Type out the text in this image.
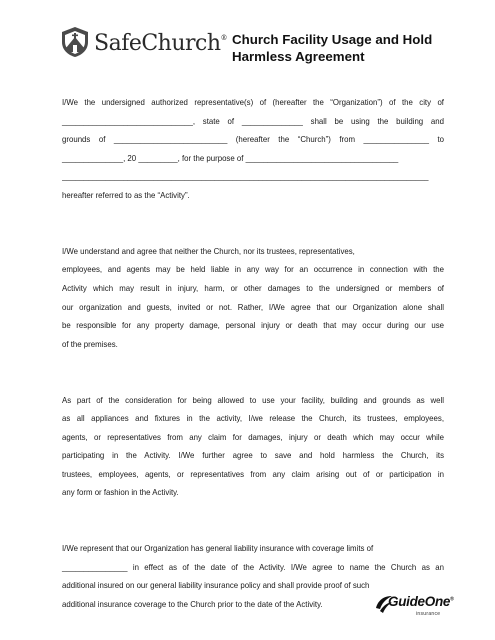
SafeChurch® Church Facility Usage and Hold
Harmless Agreement

I/We the undersigned authorized representative(s) of (hereafter the “Organization”) of the city of
______________________________, state of ______________ shall be using the building and
grounds of __________________________ (hereafter the “Church”) from _______________ to
______________, 20 _________, for the purpose of ___________________________________
____________________________________________________________________________________
hereafter referred to as the “Activity”.

I/We understand and agree that neither the Church, nor its trustees, representatives,
employees, and agents may be held liable in any way for an occurrence in connection with the
Activity which may result in injury, harm, or other damages to the undersigned or members of
our organization and guests, invited or not. Rather, I/We agree that our Organization alone shall
be responsible for any property damage, personal injury or death that may occur during our use
of the premises.

As part of the consideration for being allowed to use your facility, building and grounds as well
as all appliances and fixtures in the activity, I/we release the Church, its trustees, employees,
agents, or representatives from any claim for damages, injury or death which may occur while
participating in the Activity. I/We further agree to save and hold harmless the Church, its
trustees, employees, agents, or representatives from any claim arising out of or participation in
any form or fashion in the Activity.

I/We represent that our Organization has general liability insurance with coverage limits of
_______________ in effect as of the date of the Activity. I/We agree to name the Church as an
additional insured on our general liability insurance policy and shall provide proof of such
additional insurance coverage to the Church prior to the date of the Activity.	GuideOne®
insurance
